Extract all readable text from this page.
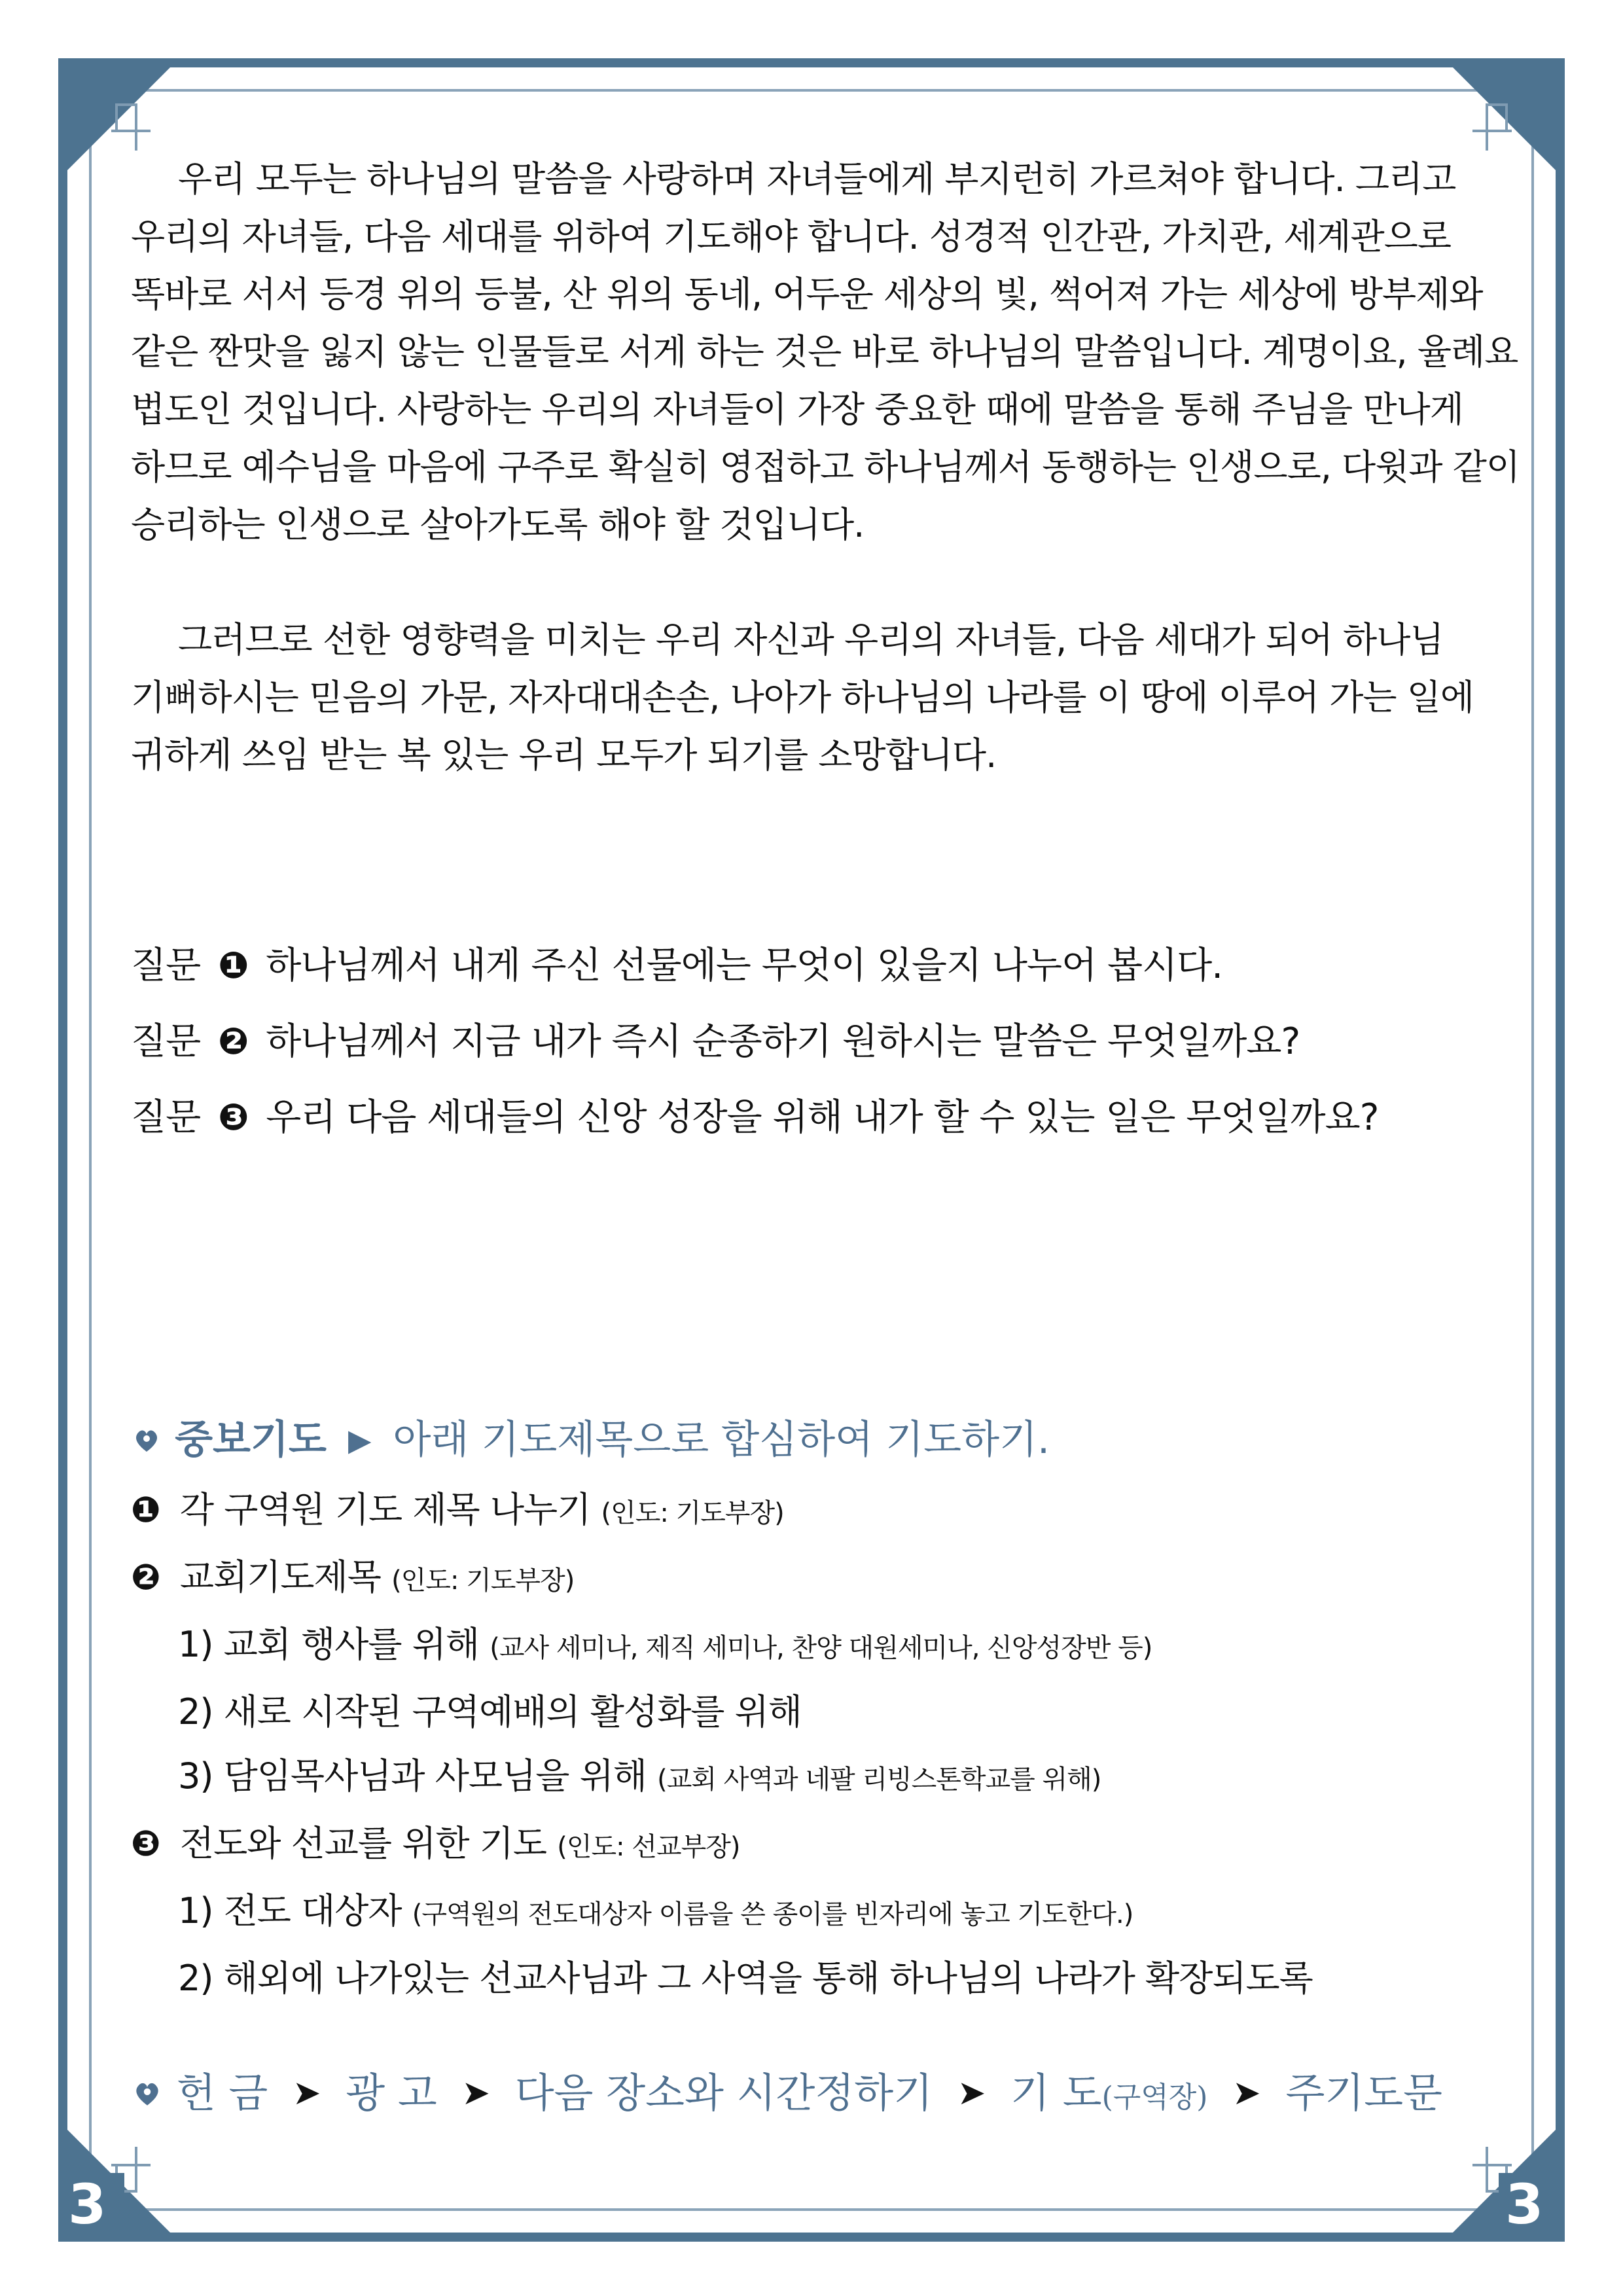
우리 모두는 하나님의 말씀을 사랑하며 자녀들에게 부지런히 가르쳐야 합니다. 그리고
우리의 자녀들, 다음 세대를 위하여 기도해야 합니다. 성경적 인간관, 가치관, 세계관으로
똑바로 서서 등경 위의 등불, 산 위의 동네, 어두운 세상의 빛, 썩어져 가는 세상에 방부제와
같은 짠맛을 잃지 않는 인물들로 서게 하는 것은 바로 하나님의 말씀입니다. 계명이요, 율례요
법도인 것입니다. 사랑하는 우리의 자녀들이 가장 중요한 때에 말씀을 통해 주님을 만나게
하므로 예수님을 마음에 구주로 확실히 영접하고 하나님께서 동행하는 인생으로, 다윗과 같이
승리하는 인생으로 살아가도록 해야 할 것입니다.
그러므로 선한 영향력을 미치는 우리 자신과 우리의 자녀들, 다음 세대가 되어 하나님
기뻐하시는 믿음의 가문, 자자대대손손, 나아가 하나님의 나라를 이 땅에 이루어 가는 일에
귀하게 쓰임 받는 복 있는 우리 모두가 되기를 소망합니다.
질문 ❶ 하나님께서 내게 주신 선물에는 무엇이 있을지 나누어 봅시다.
질문 ❷ 하나님께서 지금 내가 즉시 순종하기 원하시는 말씀은 무엇일까요?
질문 ❸ 우리 다음 세대들의 신앙 성장을 위해 내가 할 수 있는 일은 무엇일까요?
중보기도 ▶ 아래 기도제목으로 합심하여 기도하기.
❶ 각 구역원 기도 제목 나누기 (인도: 기도부장)
❷ 교회기도제목 (인도: 기도부장)
1) 교회 행사를 위해 (교사 세미나, 제직 세미나, 찬양 대원세미나, 신앙성장반 등)
2) 새로 시작된 구역예배의 활성화를 위해
3) 담임목사님과 사모님을 위해 (교회 사역과 네팔 리빙스톤학교를 위해)
❸ 전도와 선교를 위한 기도 (인도: 선교부장)
1) 전도 대상자 (구역원의 전도대상자 이름을 쓴 종이를 빈자리에 놓고 기도한다.)
2) 해외에 나가있는 선교사님과 그 사역을 통해 하나님의 나라가 확장되도록
헌 금 ➤ 광 고 ➤ 다음 장소와 시간정하기 ➤ 기 도(구역장) ➤ 주기도문
3	3
